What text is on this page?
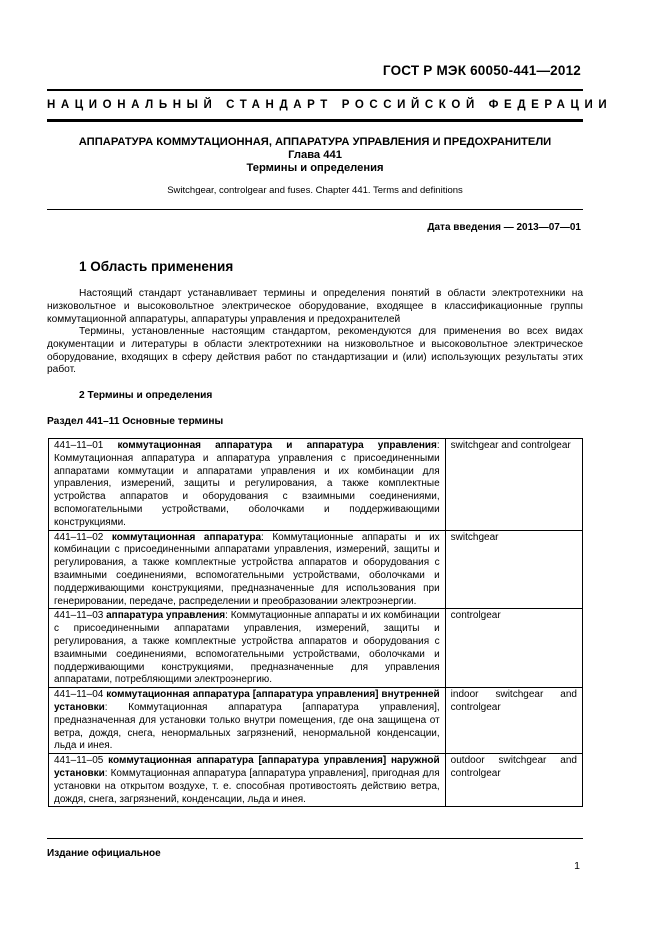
ГОСТ Р МЭК 60050-441—2012
НАЦИОНАЛЬНЫЙ СТАНДАРТ РОССИЙСКОЙ ФЕДЕРАЦИИ
АППАРАТУРА КОММУТАЦИОННАЯ, АППАРАТУРА УПРАВЛЕНИЯ И ПРЕДОХРАНИТЕЛИ
Глава 441
Термины и определения
Switchgear, controlgear and fuses. Chapter 441. Terms and definitions
Дата введения — 2013—07—01
1 Область применения
Настоящий стандарт устанавливает термины и определения понятий в области электротехники на низковольтное и высоковольтное электрическое оборудование, входящее в классификационные группы коммутационной аппаратуры, аппаратуры управления и предохранителей
Термины, установленные настоящим стандартом, рекомендуются для применения во всех видах документации и литературы в области электротехники на низковольтное и высоковольтное электрическое оборудование, входящих в сферу действия работ по стандартизации и (или) использующих результаты этих работ.
2 Термины и определения
Раздел 441–11 Основные термины
441–11–01 коммутационная аппаратура и аппаратура управления: Коммутационная аппаратура и аппаратура управления с присоединенными аппаратами коммутации и аппаратами управления и их комбинации для управления, измерений, защиты и регулирования, а также комплектные устройства аппаратов и оборудования с взаимными соединениями, вспомогательными устройствами, оболочками и поддерживающими конструкциями.	switchgear and controlgear
441–11–02 коммутационная аппаратура: Коммутационные аппараты и их комбинации с присоединенными аппаратами управления, измерений, защиты и регулирования, а также комплектные устройства аппаратов и оборудования с взаимными соединениями, вспомогательными устройствами, оболочками и поддерживающими конструкциями, предназначенные для использования при генерировании, передаче, распределении и преобразовании электроэнергии.	switchgear
441–11–03 аппаратура управления: Коммутационные аппараты и их комбинации с присоединенными аппаратами управления, измерений, защиты и регулирования, а также комплектные устройства аппаратов и оборудования с взаимными соединениями, вспомогательными устройствами, оболочками и поддерживающими конструкциями, предназначенные для управления аппаратами, потребляющими электроэнергию.	controlgear
441–11–04 коммутационная аппаратура [аппаратура управления] внутренней установки: Коммутационная аппаратура [аппаратура управления], предназначенная для установки только внутри помещения, где она защищена от ветра, дождя, снега, ненормальных загрязнений, ненормальной конденсации, льда и инея.	indoor switchgear and controlgear
441–11–05 коммутационная аппаратура [аппаратура управления] наружной установки: Коммутационная аппаратура [аппаратура управления], пригодная для установки на открытом воздухе, т. е. способная противостоять действию ветра, дождя, снега, загрязнений, конденсации, льда и инея.	outdoor switchgear and controlgear
Издание официальное
1
